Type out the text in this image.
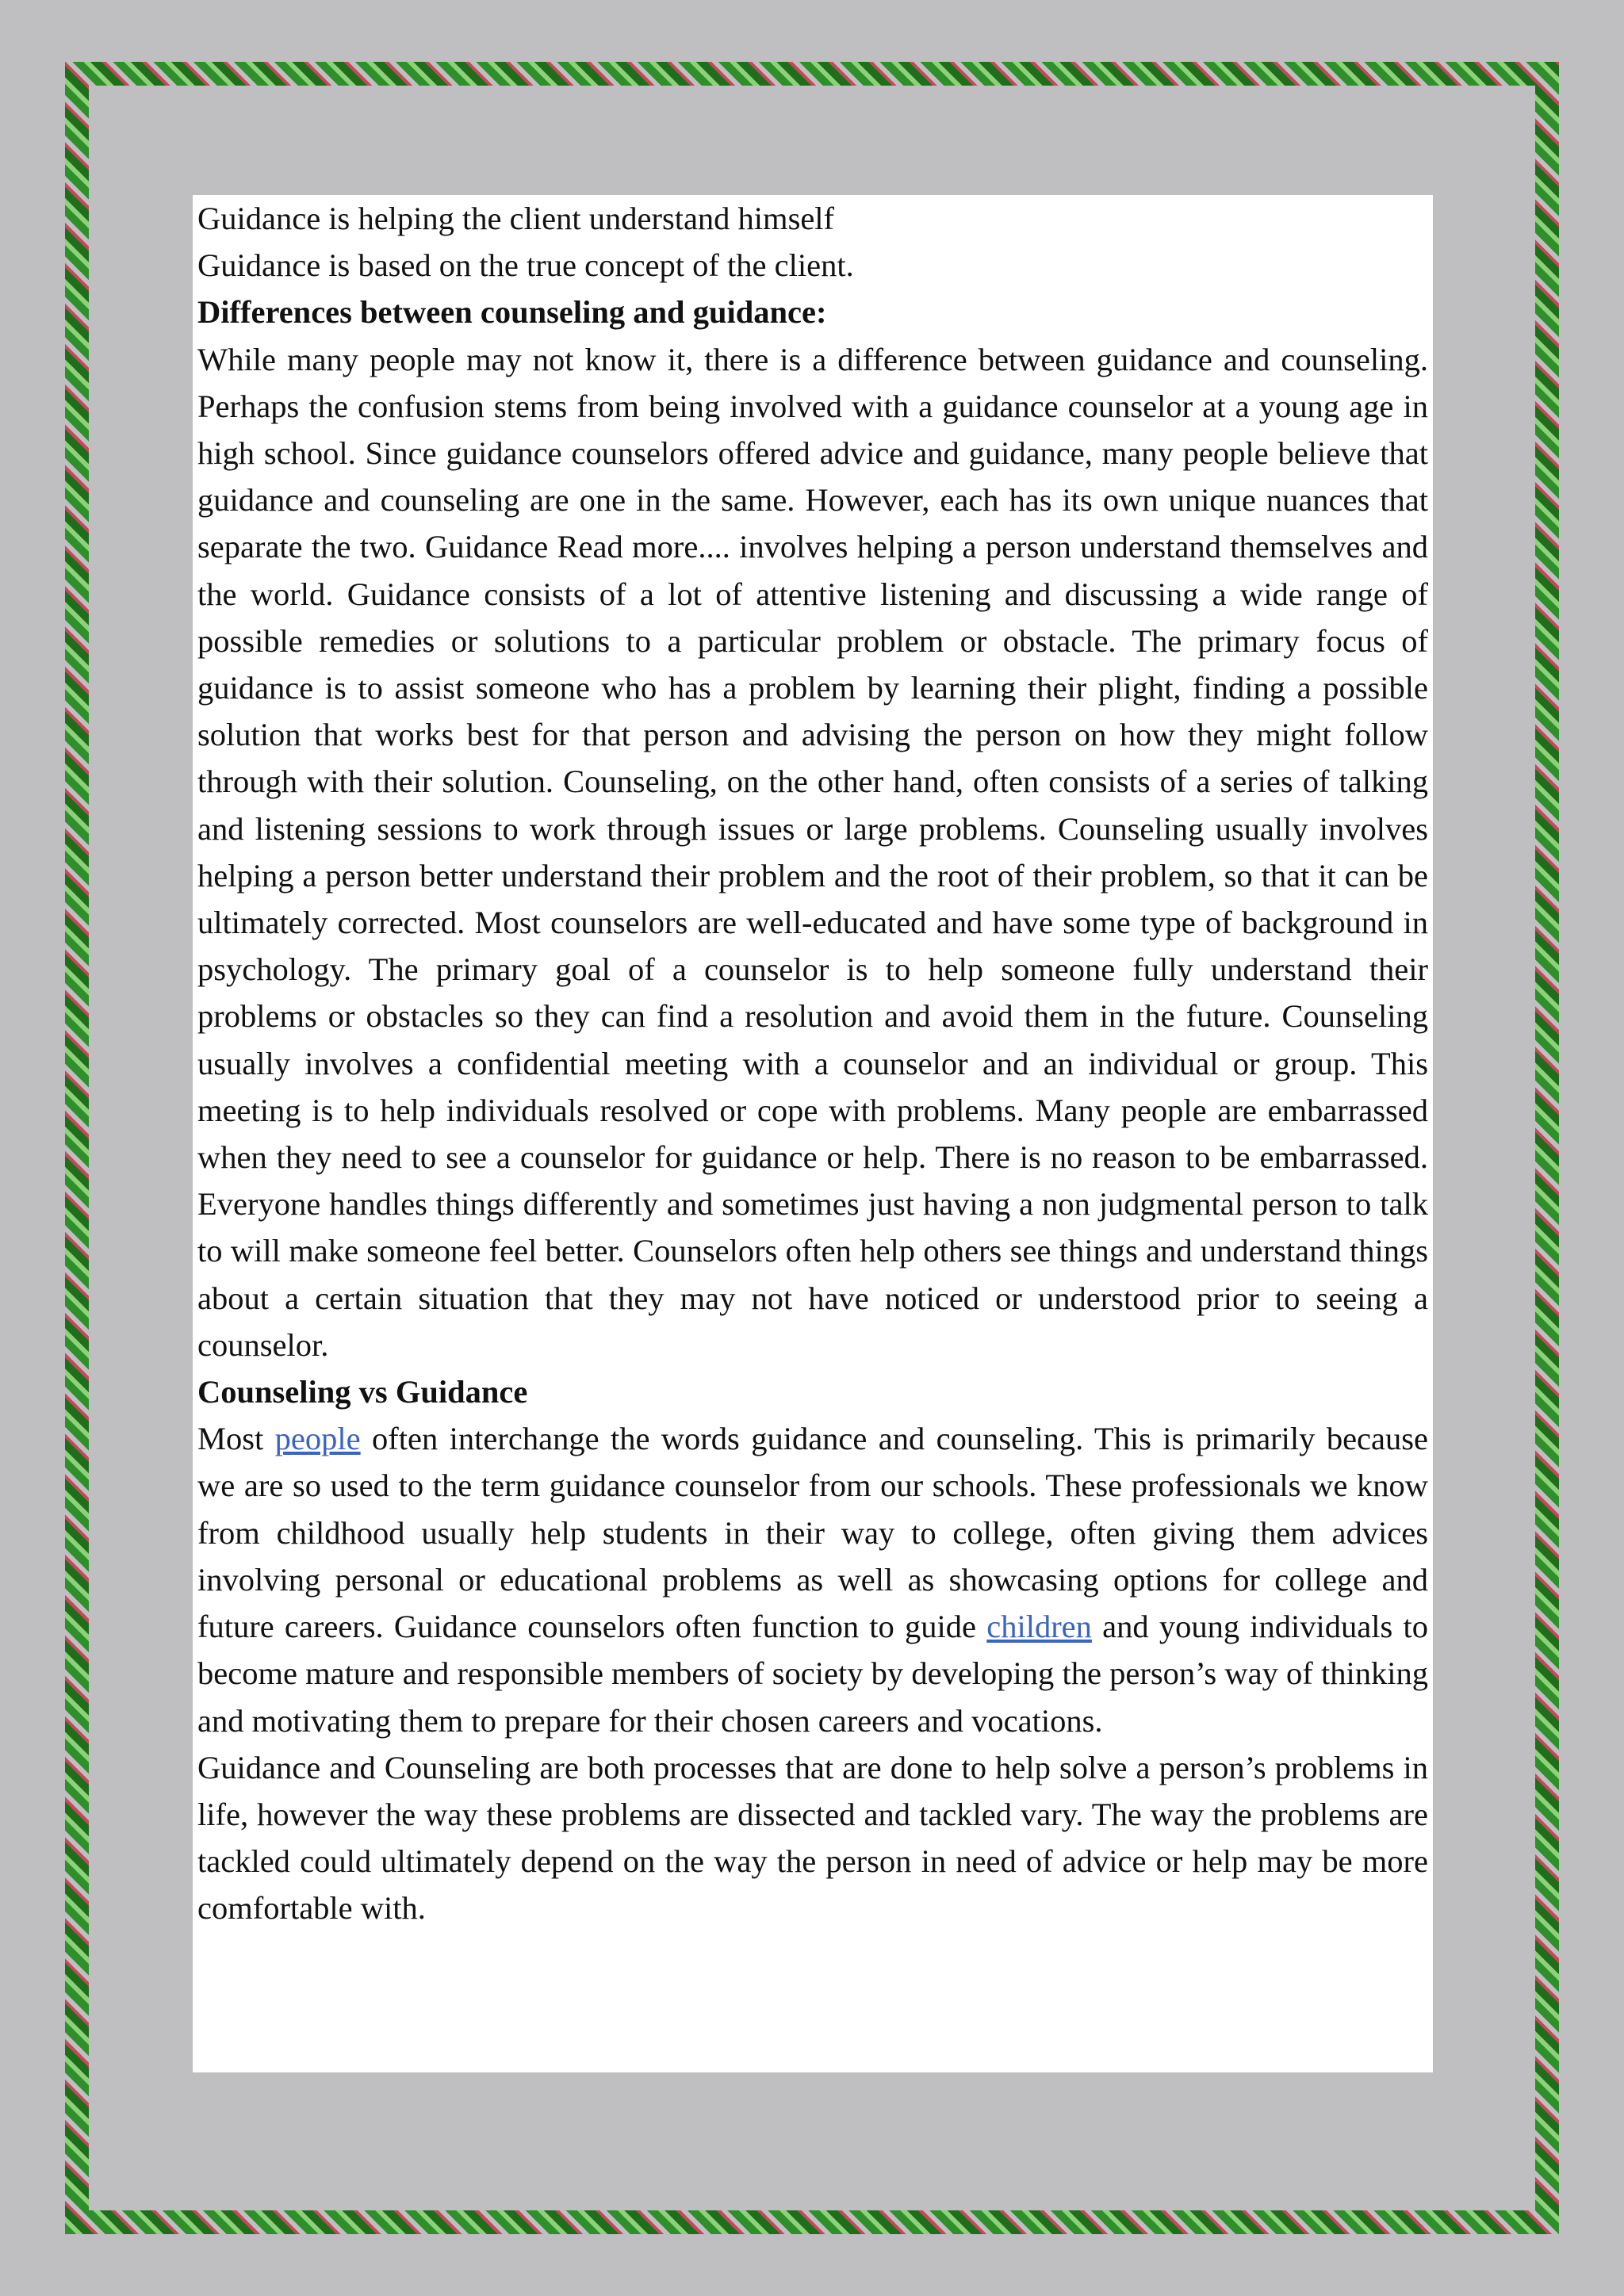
Guidance is helping the client understand himself

Guidance is based on the true concept of the client.

Differences between counseling and guidance:

While many people may not know it, there is a difference between guidance and counseling. Perhaps the confusion stems from being involved with a guidance counselor at a young age in high school. Since guidance counselors offered advice and guidance, many people believe that guidance and counseling are one in the same. However, each has its own unique nuances that separate the two. Guidance Read more.... involves helping a person understand themselves and the world. Guidance consists of a lot of attentive listening and discussing a wide range of possible remedies or solutions to a particular problem or obstacle. The primary focus of guidance is to assist someone who has a problem by learning their plight, finding a possible solution that works best for that person and advising the person on how they might follow through with their solution. Counseling, on the other hand, often consists of a series of talking and listening sessions to work through issues or large problems. Counseling usually involves helping a person better understand their problem and the root of their problem, so that it can be ultimately corrected. Most counselors are well-educated and have some type of background in psychology. The primary goal of a counselor is to help someone fully understand their problems or obstacles so they can find a resolution and avoid them in the future. Counseling usually involves a confidential meeting with a counselor and an individual or group. This meeting is to help individuals resolved or cope with problems. Many people are embarrassed when they need to see a counselor for guidance or help. There is no reason to be embarrassed. Everyone handles things differently and sometimes just having a non judgmental person to talk to will make someone feel better. Counselors often help others see things and understand things about a certain situation that they may not have noticed or understood prior to seeing a counselor.

Counseling vs Guidance

Most people often interchange the words guidance and counseling. This is primarily because we are so used to the term guidance counselor from our schools. These professionals we know from childhood usually help students in their way to college, often giving them advices involving personal or educational problems as well as showcasing options for college and future careers. Guidance counselors often function to guide children and young individuals to become mature and responsible members of society by developing the person’s way of thinking and motivating them to prepare for their chosen careers and vocations.

Guidance and Counseling are both processes that are done to help solve a person’s problems in life, however the way these problems are dissected and tackled vary. The way the problems are tackled could ultimately depend on the way the person in need of advice or help may be more comfortable with.
